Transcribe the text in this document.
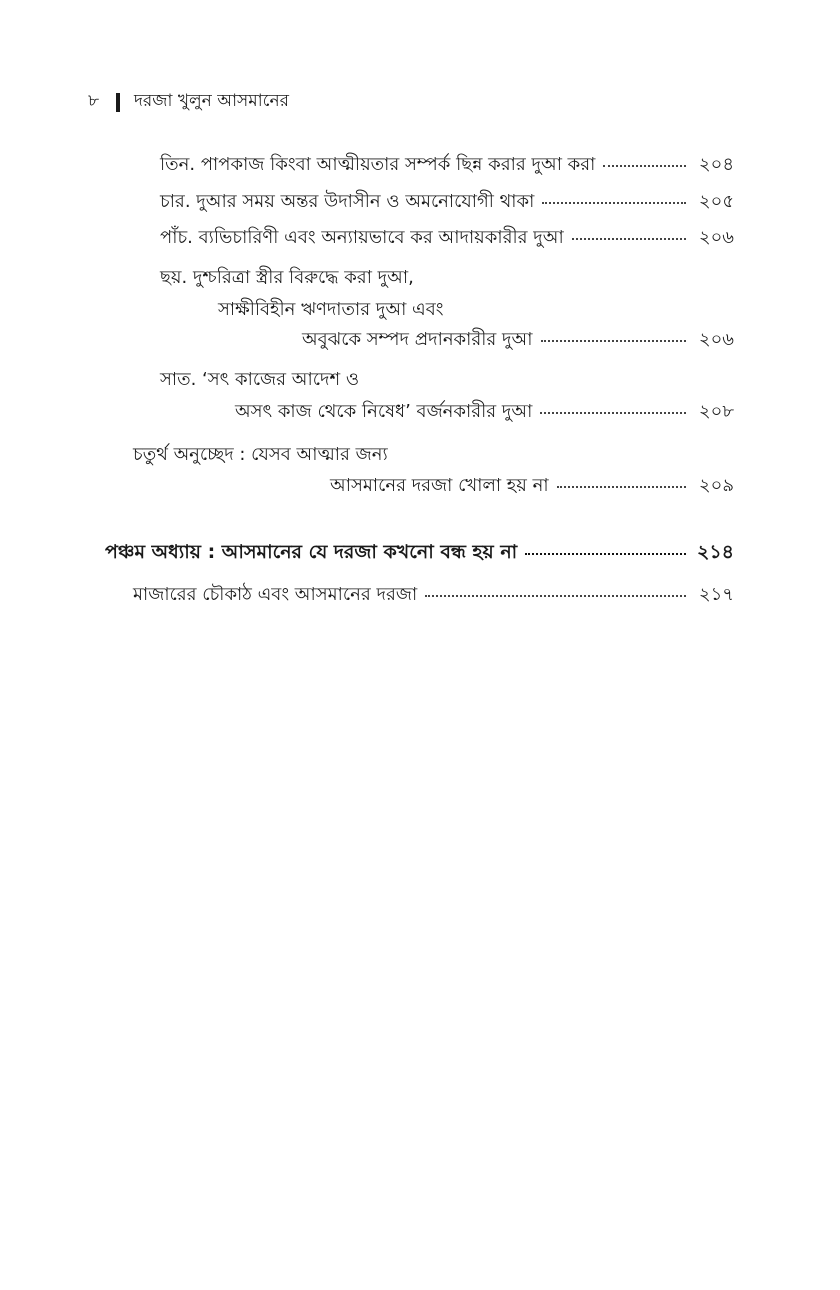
৮	দরজা খুলুন আসমানের
তিন. পাপকাজ কিংবা আত্মীয়তার সম্পর্ক ছিন্ন করার দুআ করা	২০৪
চার. দুআর সময় অন্তর উদাসীন ও অমনোযোগী থাকা	২০৫
পাঁচ. ব্যভিচারিণী এবং অন্যায়ভাবে কর আদায়কারীর দুআ	২০৬
ছয়. দুশ্চরিত্রা স্ত্রীর বিরুদ্ধে করা দুআ,
সাক্ষীবিহীন ঋণদাতার দুআ এবং
অবুঝকে সম্পদ প্রদানকারীর দুআ	২০৬
সাত. ‘সৎ কাজের আদেশ ও
অসৎ কাজ থেকে নিষেধ’ বর্জনকারীর দুআ	২০৮
চতুর্থ অনুচ্ছেদ : যেসব আত্মার জন্য
আসমানের দরজা খোলা হয় না	২০৯
পঞ্চম অধ্যায় : আসমানের যে দরজা কখনো বন্ধ হয় না	২১৪
মাজারের চৌকাঠ এবং আসমানের দরজা	২১৭
